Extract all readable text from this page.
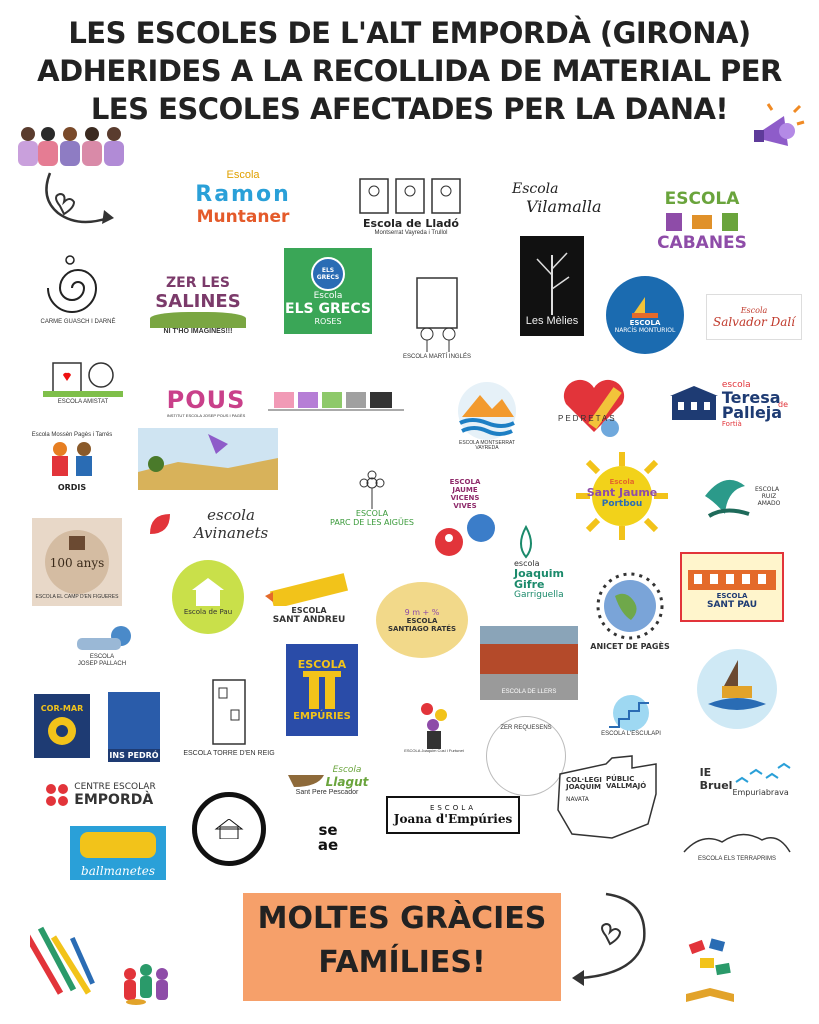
LES ESCOLES DE L'ALT EMPORDÀ (GIRONA)
ADHERIDES A LA RECOLLIDA DE MATERIAL PER
LES ESCOLES AFECTADES PER LA DANA!
Escola
Ramon
Muntaner	Escola de Lladó
Montserrat Vayreda i Trullol
Escola
Vilamalla	ESCOLA
CABANES
CARME GUASCH I DARNÉ
ZER LES
SALINES
NI T'HO IMAGINES!!!
ELS GRECS
Escola
ELS GRECS
ROSES
ESCOLA MARTÍ INGLÉS
Les Mèlies	ESCOLA
NARCÍS MONTURIOL
Escola
Salvador Dalí
ESCOLA AMISTAT POUS
INSTITUT ESCOLA JOSEP POUS I PAGÈS
ESCOLA MONTSERRAT VAYREDA
PEDRETAS
escola
Teresa
Palleja
Fortià
de
Escola Mossèn Pagès i Tarrés
ORDIS
ESCOLA
PARC DE LES AIGÜES
ESCOLA
JAUME VICENS VIVES
Escola
Sant Jaume
Portbou
ESCOLA
RUIZ AMADO
100 anys
ESCOLA EL CAMP D'EN FIGUERES
escola Avinanets
escola
Joaquim
Gifre
Garriguella
Escola de Pau	ESCOLA
SANT ANDREU
9 m + %
ESCOLA
SANTIAGO RATÉS
ANICET DE PAGÈS
ESCOLA
SANT PAU
ESCOLA
JOSEP PALLACH	ESCOLA
EMPÚRIES
ESCOLA DE LLERS
ESCOLA L'ESCULAPI
COR-MAR
INS PEDRÓ	ESCOLA TORRE D'EN REIG	ESCOLA Joaquim Cusí i Furtunet
ZER REQUESENS
COL·LEGI PÚBLIC
JOAQUIM VALLMAJÓ
NAVATA
IE
Bruel Empuriabrava
CENTRE ESCOLAR
EMPORDÀ
Escola
Llagut
Sant Pere Pescador
se
ae
ESCOLA
Joana d'Empúries
ESCOLA ELS TERRAPRIMS
ballmanetes
MOLTES GRÀCIES
FAMÍLIES!
